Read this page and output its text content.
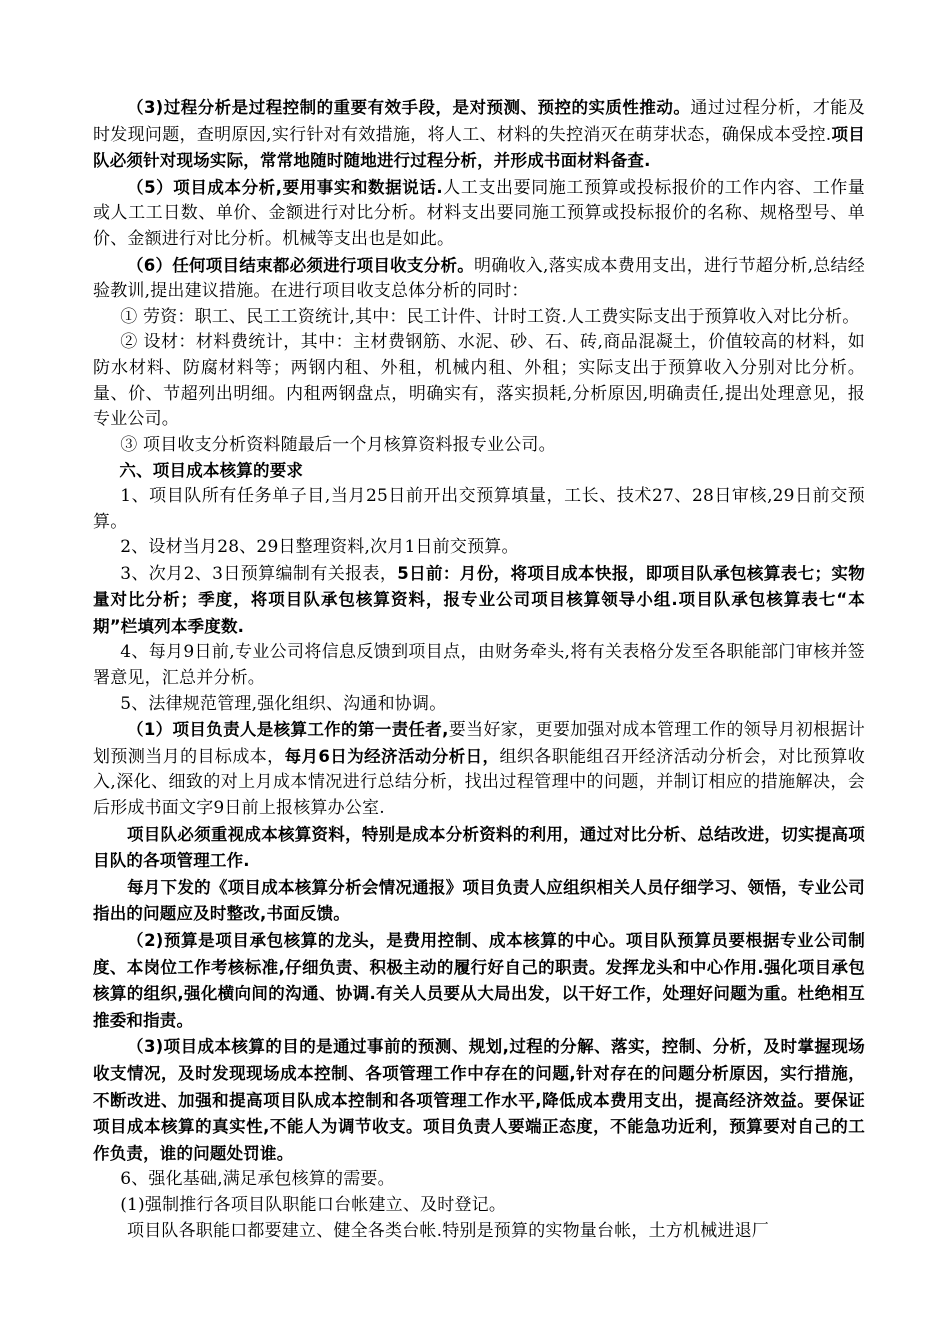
（3)过程分析是过程控制的重要有效手段，是对预测、预控的实质性推动。通过过程分析，才能及时发现问题，查明原因,实行针对有效措施，将人工、材料的失控消灭在萌芽状态，确保成本受控.项目队必须针对现场实际，常常地随时随地进行过程分析，并形成书面材料备查.

（5）项目成本分析,要用事实和数据说话.人工支出要同施工预算或投标报价的工作内容、工作量或人工工日数、单价、金额进行对比分析。材料支出要同施工预算或投标报价的名称、规格型号、单价、金额进行对比分析。机械等支出也是如此。

（6）任何项目结束都必须进行项目收支分析。明确收入,落实成本费用支出，进行节超分析,总结经验教训,提出建议措施。在进行项目收支总体分析的同时：

① 劳资：职工、民工工资统计,其中：民工计件、计时工资.人工费实际支出于预算收入对比分析。

② 设材：材料费统计，其中：主材费钢筋、水泥、砂、石、砖,商品混凝土，价值较高的材料，如防水材料、防腐材料等；两钢内租、外租，机械内租、外租；实际支出于预算收入分别对比分析。量、价、节超列出明细。内租两钢盘点，明确实有，落实损耗,分析原因,明确责任,提出处理意见，报专业公司。

③ 项目收支分析资料随最后一个月核算资料报专业公司。

六、项目成本核算的要求

1、项目队所有任务单子目,当月25日前开出交预算填量，工长、技术27、28日审核,29日前交预算。

2、设材当月28、29日整理资料,次月1日前交预算。

3、次月2、3日预算编制有关报表，5日前：月份，将项目成本快报，即项目队承包核算表七；实物量对比分析；季度，将项目队承包核算资料，报专业公司项目核算领导小组.项目队承包核算表七“本期”栏填列本季度数.

4、每月9日前,专业公司将信息反馈到项目点，由财务牵头,将有关表格分发至各职能部门审核并签署意见，汇总并分析。

5、法律规范管理,强化组织、沟通和协调。

（1）项目负责人是核算工作的第一责任者,要当好家，更要加强对成本管理工作的领导月初根据计划预测当月的目标成本，每月6日为经济活动分析日，组织各职能组召开经济活动分析会，对比预算收入,深化、细致的对上月成本情况进行总结分析，找出过程管理中的问题，并制订相应的措施解决，会后形成书面文字9日前上报核算办公室.

项目队必须重视成本核算资料，特别是成本分析资料的利用，通过对比分析、总结改进，切实提高项目队的各项管理工作.

每月下发的《项目成本核算分析会情况通报》项目负责人应组织相关人员仔细学习、领悟，专业公司指出的问题应及时整改,书面反馈。

（2)预算是项目承包核算的龙头，是费用控制、成本核算的中心。项目队预算员要根据专业公司制度、本岗位工作考核标准,仔细负责、积极主动的履行好自己的职责。发挥龙头和中心作用.强化项目承包核算的组织,强化横向间的沟通、协调.有关人员要从大局出发，以干好工作，处理好问题为重。杜绝相互推委和指责。

（3)项目成本核算的目的是通过事前的预测、规划,过程的分解、落实，控制、分析，及时掌握现场收支情况，及时发现现场成本控制、各项管理工作中存在的问题,针对存在的问题分析原因，实行措施，不断改进、加强和提高项目队成本控制和各项管理工作水平,降低成本费用支出，提高经济效益。要保证项目成本核算的真实性,不能人为调节收支。项目负责人要端正态度，不能急功近利，预算要对自己的工作负责，谁的问题处罚谁。

6、强化基础,满足承包核算的需要。

(1)强制推行各项目队职能口台帐建立、及时登记。

项目队各职能口都要建立、健全各类台帐.特别是预算的实物量台帐，土方机械进退厂
